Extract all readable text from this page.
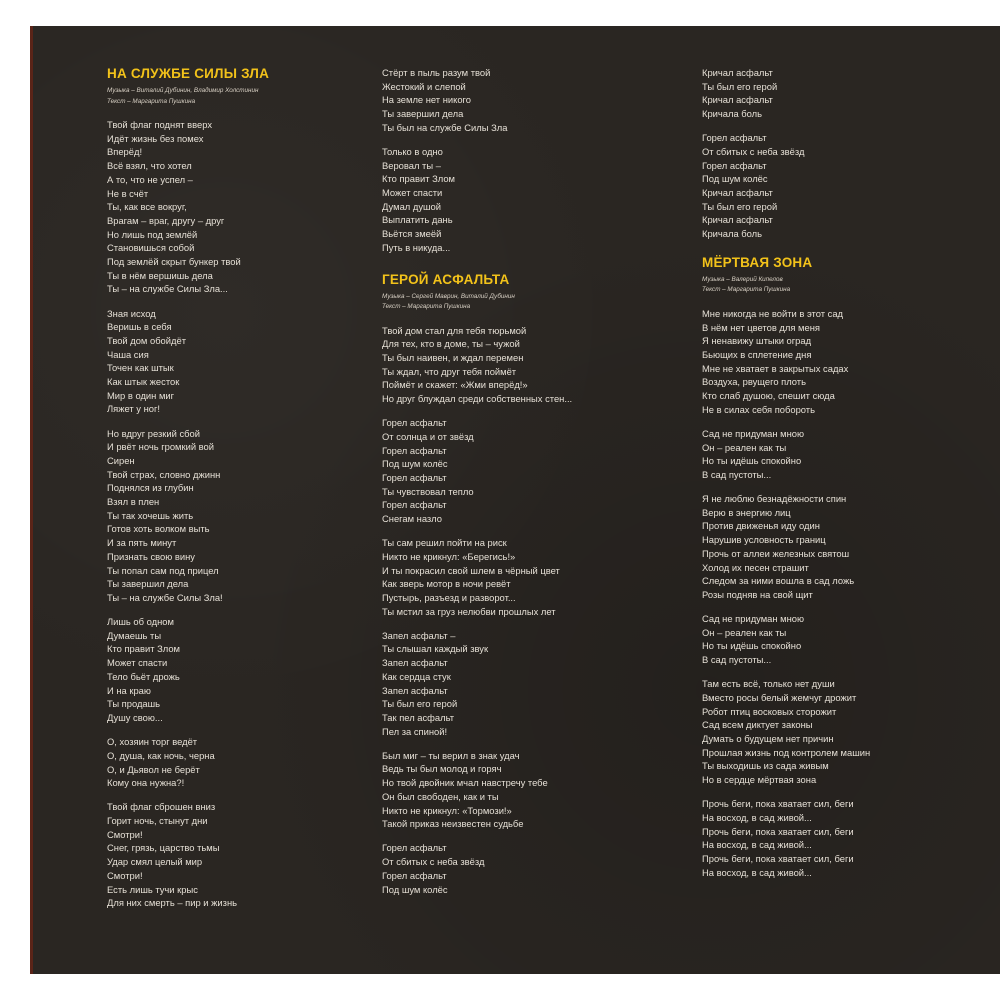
НА СЛУЖБЕ СИЛЫ ЗЛА
Музыка – Виталий Дубинин, Владимир Холстинин
Текст – Маргарита Пушкина
Твой флаг поднят вверх
Идёт жизнь без помех
Вперёд!
Всё взял, что хотел
А то, что не успел –
Не в счёт
Ты, как все вокруг,
Врагам – враг, другу – друг
Но лишь под землёй
Становишься собой
Под землёй скрыт бункер твой
Ты в нём вершишь дела
Ты – на службе Силы Зла...
Зная исход
Веришь в себя
Твой дом обойдёт
Чаша сия
Точен как штык
Как штык жесток
Мир в один миг
Ляжет у ног!
Но вдруг резкий сбой
И рвёт ночь громкий вой
Сирен
Твой страх, словно джинн
Поднялся из глубин
Взял в плен
Ты так хочешь жить
Готов хоть волком выть
И за пять минут
Признать свою вину
Ты попал сам под прицел
Ты завершил дела
Ты – на службе Силы Зла!
Лишь об одном
Думаешь ты
Кто правит Злом
Может спасти
Тело бьёт дрожь
И на краю
Ты продашь
Душу свою...
О, хозяин торг ведёт
О, душа, как ночь, черна
О, и Дьявол не берёт
Кому она нужна?!
Твой флаг сброшен вниз
Горит ночь, стынут дни
Смотри!
Снег, грязь, царство тьмы
Удар смял целый мир
Смотри!
Есть лишь тучи крыс
Для них смерть – пир и жизнь
Стёрт в пыль разум твой
Жестокий и слепой
На земле нет никого
Ты завершил дела
Ты был на службе Силы Зла
Только в одно
Веровал ты –
Кто правит Злом
Может спасти
Думал душой
Выплатить дань
Вьётся змеёй
Путь в никуда...
ГЕРОЙ АСФАЛЬТА
Музыка – Сергей Маврин, Виталий Дубинин
Текст – Маргарита Пушкина
Твой дом стал для тебя тюрьмой
Для тех, кто в доме, ты – чужой
Ты был наивен, и ждал перемен
Ты ждал, что друг тебя поймёт
Поймёт и скажет: «Жми вперёд!»
Но друг блуждал среди собственных стен...
Горел асфальт
От солнца и от звёзд
Горел асфальт
Под шум колёс
Горел асфальт
Ты чувствовал тепло
Горел асфальт
Снегам назло
Ты сам решил пойти на риск
Никто не крикнул: «Берегись!»
И ты покрасил свой шлем в чёрный цвет
Как зверь мотор в ночи ревёт
Пустырь, разъезд и разворот...
Ты мстил за груз нелюбви прошлых лет
Запел асфальт –
Ты слышал каждый звук
Запел асфальт
Как сердца стук
Запел асфальт
Ты был его герой
Так пел асфальт
Пел за спиной!
Был миг – ты верил в знак удач
Ведь ты был молод и горяч
Но твой двойник мчал навстречу тебе
Он был свободен, как и ты
Никто не крикнул: «Тормози!»
Такой приказ неизвестен судьбе
Горел асфальт
От сбитых с неба звёзд
Горел асфальт
Под шум колёс
Кричал асфальт
Ты был его герой
Кричал асфальт
Кричала боль
Горел асфальт
От сбитых с неба звёзд
Горел асфальт
Под шум колёс
Кричал асфальт
Ты был его герой
Кричал асфальт
Кричала боль
МЁРТВАЯ ЗОНА
Музыка – Валерий Кипелов
Текст – Маргарита Пушкина
Мне никогда не войти в этот сад
В нём нет цветов для меня
Я ненавижу штыки оград
Бьющих в сплетение дня
Мне не хватает в закрытых садах
Воздуха, рвущего плоть
Кто слаб душою, спешит сюда
Не в силах себя побороть
Сад не придуман мною
Он – реален как ты
Но ты идёшь спокойно
В сад пустоты...
Я не люблю безнадёжности спин
Верю в энергию лиц
Против движенья иду один
Нарушив условность границ
Прочь от аллеи железных святош
Холод их песен страшит
Следом за ними вошла в сад ложь
Розы подняв на свой щит
Сад не придуман мною
Он – реален как ты
Но ты идёшь спокойно
В сад пустоты...
Там есть всё, только нет души
Вместо росы белый жемчуг дрожит
Робот птиц восковых сторожит
Сад всем диктует законы
Думать о будущем нет причин
Прошлая жизнь под контролем машин
Ты выходишь из сада живым
Но в сердце мёртвая зона
Прочь беги, пока хватает сил, беги
На восход, в сад живой...
Прочь беги, пока хватает сил, беги
На восход, в сад живой...
Прочь беги, пока хватает сил, беги
На восход, в сад живой...
